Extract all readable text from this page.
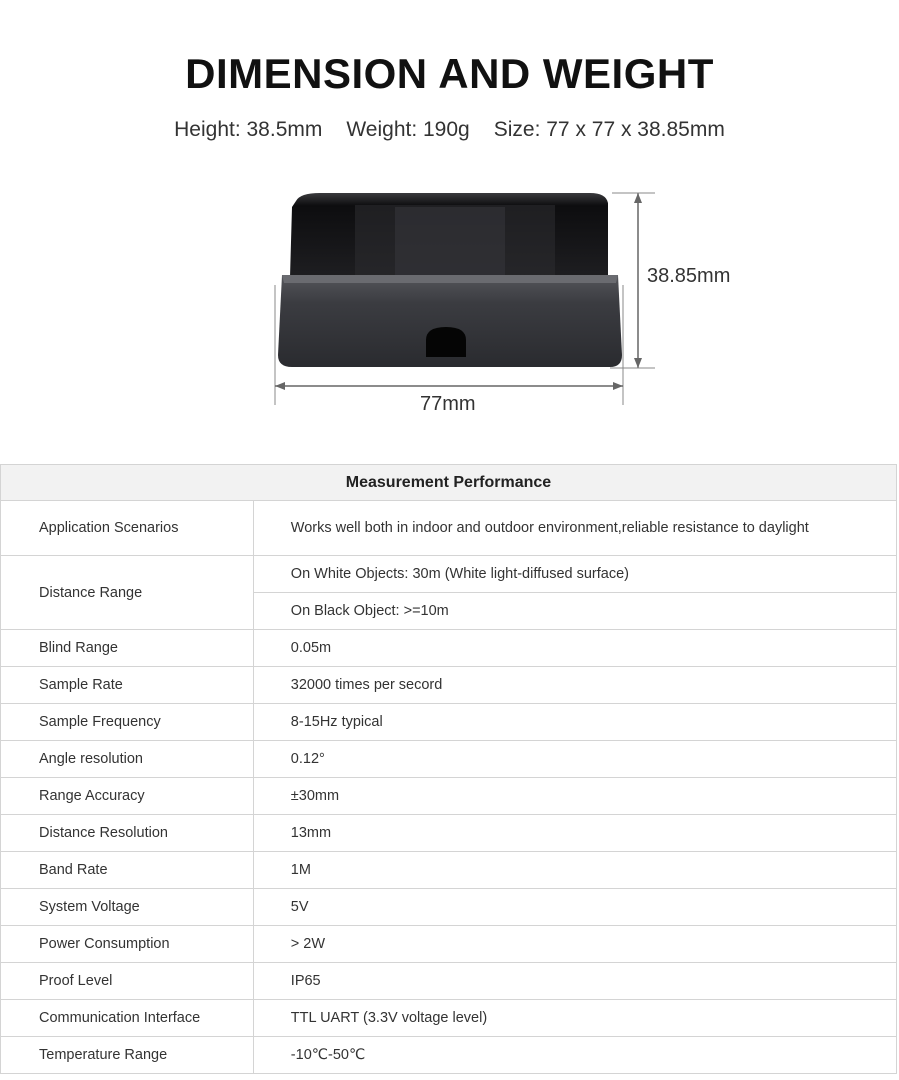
DIMENSION AND WEIGHT
Height: 38.5mm Weight: 190g Size: 77 x 77 x 38.85mm
38.85mm
77mm
Measurement Performance	
Application Scenarios	Works well both in indoor and outdoor environment,reliable resistance to daylight
Distance Range	On White Objects: 30m (White light-diffused surface)
	On Black Object: >=10m
Blind Range	0.05m
Sample Rate	32000 times per secord
Sample Frequency	8-15Hz typical
Angle resolution	0.12°
Range Accuracy	±30mm
Distance Resolution	13mm
Band Rate	1M
System Voltage	5V
Power Consumption	> 2W
Proof Level	IP65
Communication Interface	TTL UART (3.3V voltage level)
Temperature Range	-10℃-50℃
